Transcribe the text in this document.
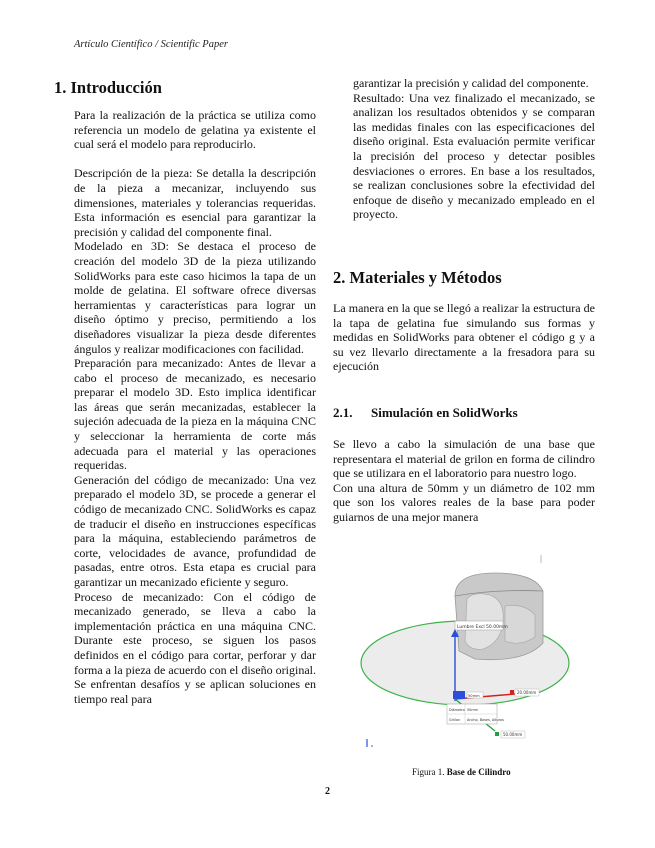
Artículo Científico / Scientific Paper
1. Introducción

Para la realización de la práctica se utiliza como referencia un modelo de gelatina ya existente el cual será el modelo para reproducirlo.

Descripción de la pieza: Se detalla la descripción de la pieza a mecanizar, incluyendo sus dimensiones, materiales y tolerancias requeridas. Esta información es esencial para garantizar la precisión y calidad del componente final.

Modelado en 3D: Se destaca el proceso de creación del modelo 3D de la pieza utilizando SolidWorks para este caso hicimos la tapa de un molde de gelatina. El software ofrece diversas herramientas y características para lograr un diseño óptimo y preciso, permitiendo a los diseñadores visualizar la pieza desde diferentes ángulos y realizar modificaciones con facilidad.

Preparación para mecanizado: Antes de llevar a cabo el proceso de mecanizado, es necesario preparar el modelo 3D. Esto implica identificar las áreas que serán mecanizadas, establecer la sujeción adecuada de la pieza en la máquina CNC y seleccionar la herramienta de corte más adecuada para el material y las operaciones requeridas.

Generación del código de mecanizado: Una vez preparado el modelo 3D, se procede a generar el código de mecanizado CNC. SolidWorks es capaz de traducir el diseño en instrucciones específicas para la máquina, estableciendo parámetros de corte, velocidades de avance, profundidad de pasadas, entre otros. Esta etapa es crucial para garantizar un mecanizado eficiente y seguro.

Proceso de mecanizado: Con el código de mecanizado generado, se lleva a cabo la implementación práctica en una máquina CNC. Durante este proceso, se siguen los pasos definidos en el código para cortar, perforar y dar forma a la pieza de acuerdo con el diseño original. Se enfrentan desafíos y se aplican soluciones en tiempo real para

garantizar la precisión y calidad del componente.

Resultado: Una vez finalizado el mecanizado, se analizan los resultados obtenidos y se comparan las medidas finales con las especificaciones del diseño original. Esta evaluación permite verificar la precisión del proceso y detectar posibles desviaciones o errores. En base a los resultados, se realizan conclusiones sobre la efectividad del enfoque de diseño y mecanizado empleado en el proyecto.

2. Materiales y Métodos

La manera en la que se llegó a realizar la estructura de la tapa de gelatina fue simulando sus formas y medidas en SolidWorks para obtener el código g y a su vez llevarlo directamente a la fresadora para su ejecución

2.1. Simulación en SolidWorks

Se llevo a cabo la simulación de una base que representara el material de grilon en forma de cilindro que se utilizara en el laboratorio para nuestro logo.

Con una altura de 50mm y un diámetro de 102 mm que son los valores reales de la base para poder guiarnos de una mejor manera

Lumbre Excl 50.00mm
50mm
20.00mm
50.00mm
Diámetro 50mm
Grillon Ancho, Bases, Alturas
Figura 1. Base de Cilindro
2
